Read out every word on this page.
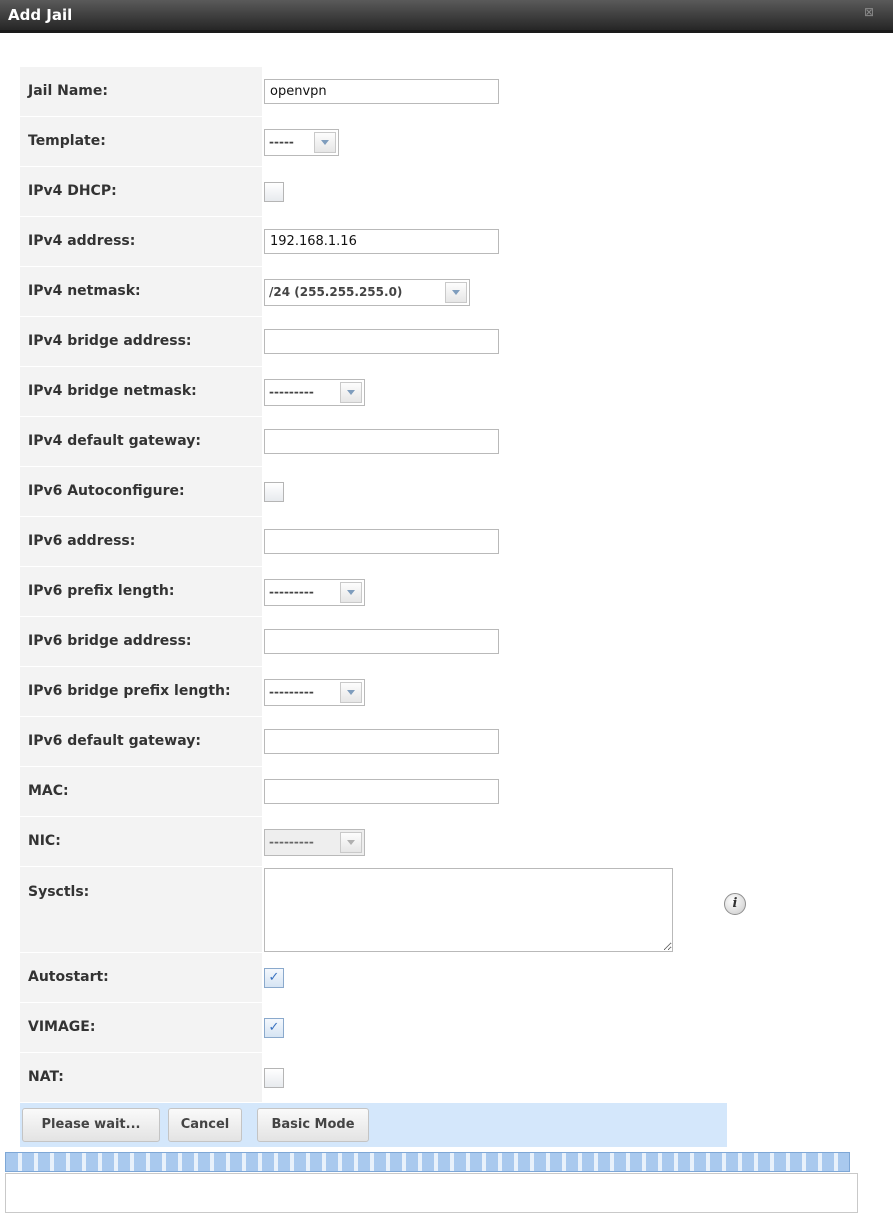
Add Jail	⊠
Jail Name:
openvpn
Template:	-----
IPv4 DHCP:
IPv4 address:
192.168.1.16
IPv4 netmask:	/24 (255.255.255.0)
IPv4 bridge address:
IPv4 bridge netmask:	---------
IPv4 default gateway:
IPv6 Autoconfigure:
IPv6 address:
IPv6 prefix length:	---------
IPv6 bridge address:
IPv6 bridge prefix length:	---------
IPv6 default gateway:
MAC:
NIC:	---------
Sysctls:
i
Autostart:	✓
VIMAGE:	✓
NAT:
Please wait...	Cancel	Basic Mode
